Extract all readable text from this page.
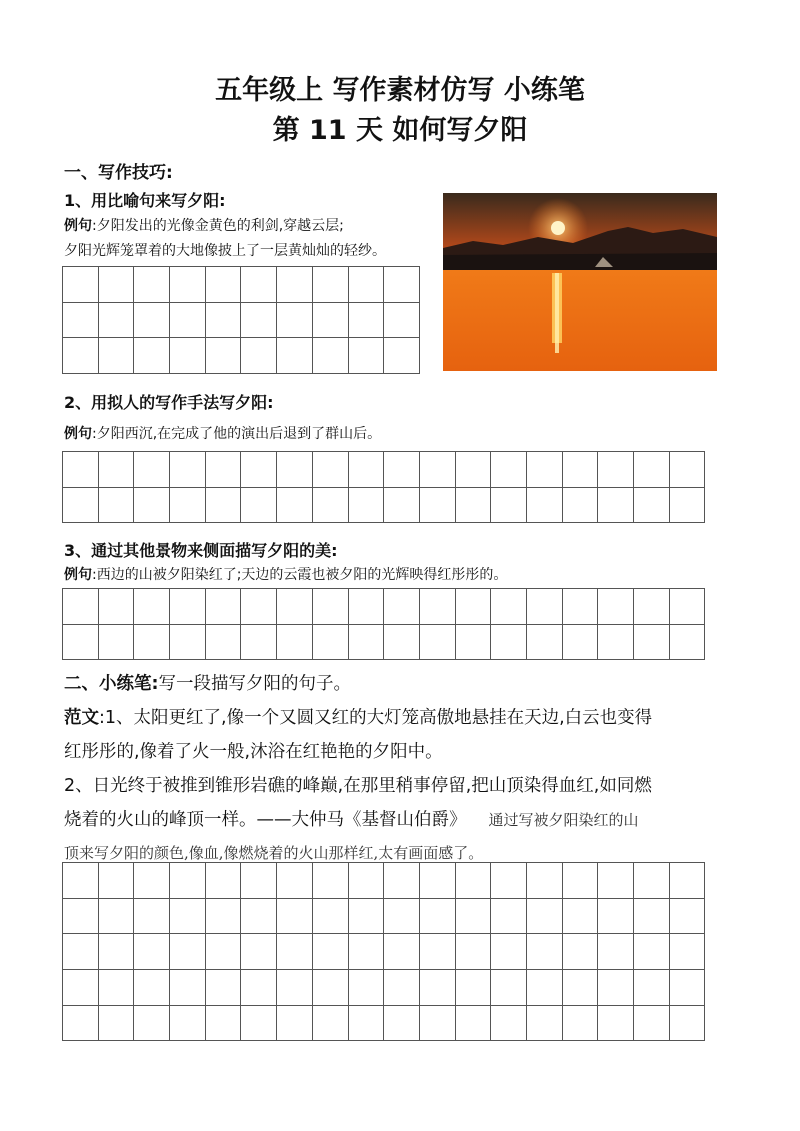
五年级上 写作素材仿写 小练笔
第 11 天 如何写夕阳
一、写作技巧:
1、用比喻句来写夕阳:
例句:夕阳发出的光像金黄色的利剑,穿越云层;
夕阳光辉笼罩着的大地像披上了一层黄灿灿的轻纱。

2、用拟人的写作手法写夕阳:
例句:夕阳西沉,在完成了他的演出后退到了群山后。

3、通过其他景物来侧面描写夕阳的美:
例句:西边的山被夕阳染红了;天边的云霞也被夕阳的光辉映得红彤彤的。

二、小练笔:写一段描写夕阳的句子。
范文:1、太阳更红了,像一个又圆又红的大灯笼高傲地悬挂在天边,白云也变得
红彤彤的,像着了火一般,沐浴在红艳艳的夕阳中。
2、日光终于被推到锥形岩礁的峰巅,在那里稍事停留,把山顶染得血红,如同燃
烧着的火山的峰顶一样。——大仲马《基督山伯爵》 通过写被夕阳染红的山
顶来写夕阳的颜色,像血,像燃烧着的火山那样红,太有画面感了。
